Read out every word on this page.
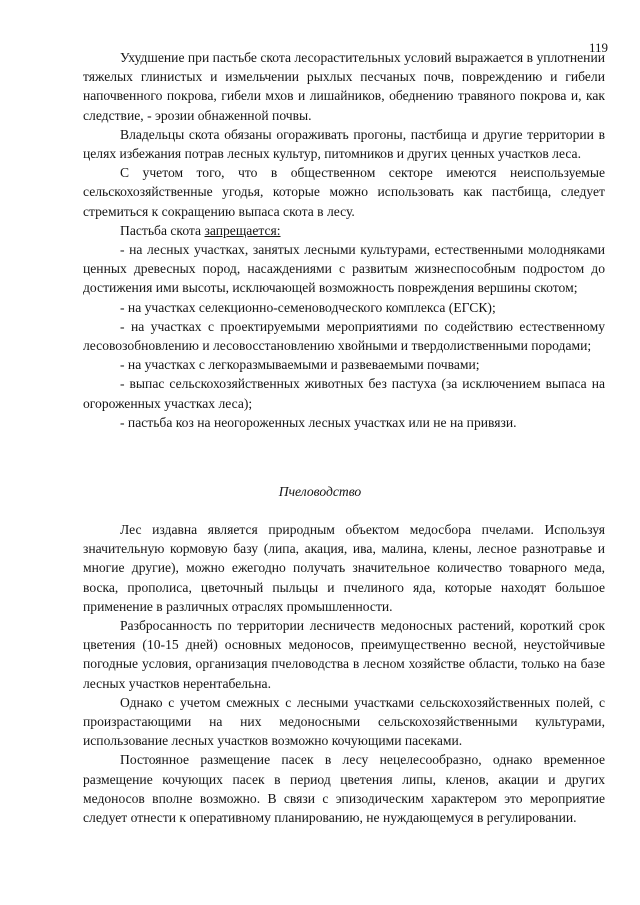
119

Ухудшение при пастьбе скота лесорастительных условий выражается в уплотнении тяжелых глинистых и измельчении рыхлых песчаных почв, повреждению и гибели напочвенного покрова, гибели мхов и лишайников, обеднению травяного покрова и, как следствие, - эрозии обнаженной почвы.

Владельцы скота обязаны огораживать прогоны, пастбища и другие территории в целях избежания потрав лесных культур, питомников и других ценных участков леса.

С учетом того, что в общественном секторе имеются неиспользуемые сельскохозяйственные угодья, которые можно использовать как пастбища, следует стремиться к сокращению выпаса скота в лесу.

Пастьба скота запрещается:

- на лесных участках, занятых лесными культурами, естественными молодняками ценных древесных пород, насаждениями с развитым жизнеспособным подростом до достижения ими высоты, исключающей возможность повреждения вершины скотом;

- на участках селекционно-семеноводческого комплекса (ЕГСК);

- на участках с проектируемыми мероприятиями по содействию естественному лесовозобновлению и лесовосстановлению хвойными и твердолиственными породами;

- на участках с легкоразмываемыми и развеваемыми почвами;

- выпас сельскохозяйственных животных без пастуха (за исключением выпаса на огороженных участках леса);

- пастьба коз на неогороженных лесных участках или не на привязи.

Пчеловодство

Лес издавна является природным объектом медосбора пчелами. Используя значительную кормовую базу (липа, акация, ива, малина, клены, лесное разнотравье и многие другие), можно ежегодно получать значительное количество товарного меда, воска, прополиса, цветочный пыльцы и пчелиного яда, которые находят большое применение в различных отраслях промышленности.

Разбросанность по территории лесничеств медоносных растений, короткий срок цветения (10-15 дней) основных медоносов, преимущественно весной, неустойчивые погодные условия, организация пчеловодства в лесном хозяйстве области, только на базе лесных участков нерентабельна.

Однако с учетом смежных с лесными участками сельскохозяйственных полей, с произрастающими на них медоносными сельскохозяйственными культурами, использование лесных участков возможно кочующими пасеками.

Постоянное размещение пасек в лесу нецелесообразно, однако временное размещение кочующих пасек в период цветения липы, кленов, акации и других медоносов вполне возможно. В связи с эпизодическим характером это мероприятие следует отнести к оперативному планированию, не нуждающемуся в регулировании.
